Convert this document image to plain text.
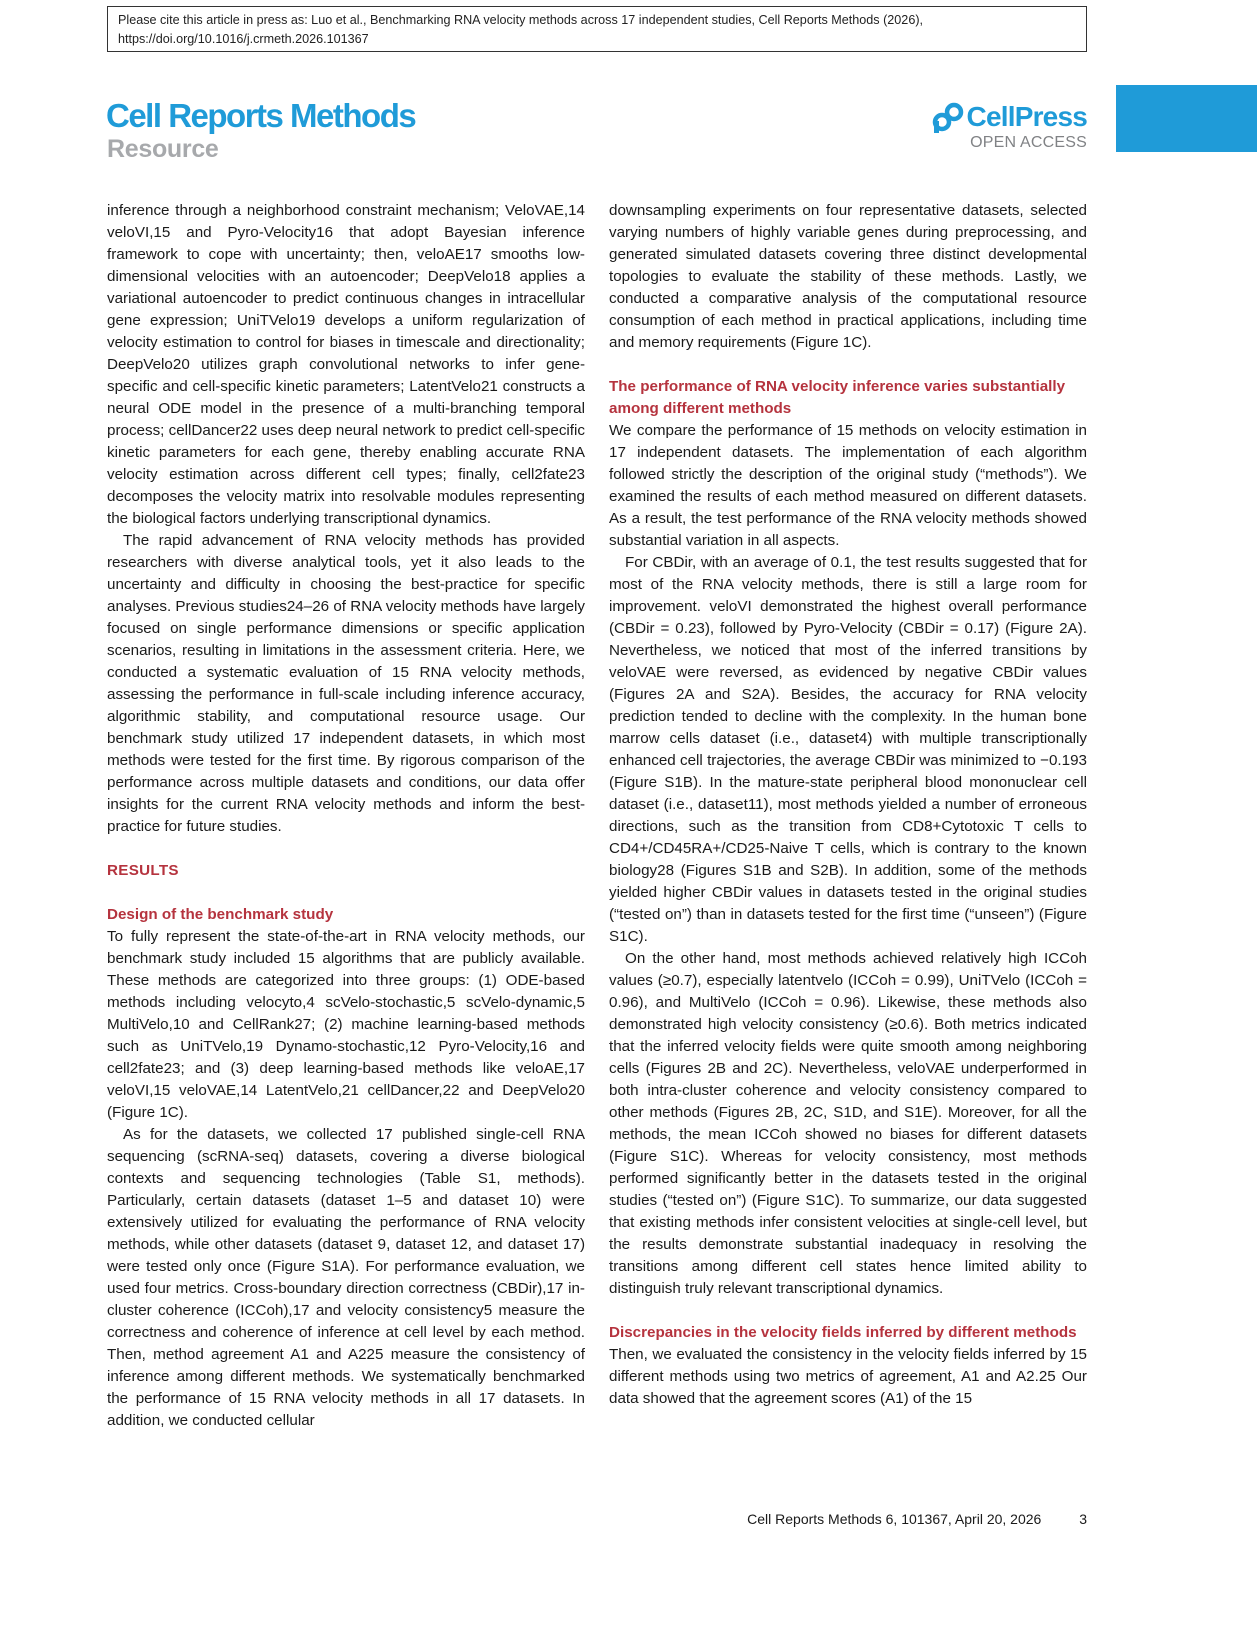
Please cite this article in press as: Luo et al., Benchmarking RNA velocity methods across 17 independent studies, Cell Reports Methods (2026), https://doi.org/10.1016/j.crmeth.2026.101367
Cell Reports Methods
Resource
CellPress
OPEN ACCESS

inference through a neighborhood constraint mechanism; VeloVAE,14 veloVI,15 and Pyro-Velocity16 that adopt Bayesian inference framework to cope with uncertainty; then, veloAE17 smooths low-dimensional velocities with an autoencoder; DeepVelo18 applies a variational autoencoder to predict continuous changes in intracellular gene expression; UniTVelo19 develops a uniform regularization of velocity estimation to control for biases in timescale and directionality; DeepVelo20 utilizes graph convolutional networks to infer gene-specific and cell-specific kinetic parameters; LatentVelo21 constructs a neural ODE model in the presence of a multi-branching temporal process; cellDancer22 uses deep neural network to predict cell-specific kinetic parameters for each gene, thereby enabling accurate RNA velocity estimation across different cell types; finally, cell2fate23 decomposes the velocity matrix into resolvable modules representing the biological factors underlying transcriptional dynamics.

The rapid advancement of RNA velocity methods has provided researchers with diverse analytical tools, yet it also leads to the uncertainty and difficulty in choosing the best-practice for specific analyses. Previous studies24–26 of RNA velocity methods have largely focused on single performance dimensions or specific application scenarios, resulting in limitations in the assessment criteria. Here, we conducted a systematic evaluation of 15 RNA velocity methods, assessing the performance in full-scale including inference accuracy, algorithmic stability, and computational resource usage. Our benchmark study utilized 17 independent datasets, in which most methods were tested for the first time. By rigorous comparison of the performance across multiple datasets and conditions, our data offer insights for the current RNA velocity methods and inform the best-practice for future studies.

RESULTS
Design of the benchmark study

To fully represent the state-of-the-art in RNA velocity methods, our benchmark study included 15 algorithms that are publicly available. These methods are categorized into three groups: (1) ODE-based methods including velocyto,4 scVelo-stochastic,5 scVelo-dynamic,5 MultiVelo,10 and CellRank27; (2) machine learning-based methods such as UniTVelo,19 Dynamo-stochastic,12 Pyro-Velocity,16 and cell2fate23; and (3) deep learning-based methods like veloAE,17 veloVI,15 veloVAE,14 LatentVelo,21 cellDancer,22 and DeepVelo20 (Figure 1C).

As for the datasets, we collected 17 published single-cell RNA sequencing (scRNA-seq) datasets, covering a diverse biological contexts and sequencing technologies (Table S1, methods). Particularly, certain datasets (dataset 1–5 and dataset 10) were extensively utilized for evaluating the performance of RNA velocity methods, while other datasets (dataset 9, dataset 12, and dataset 17) were tested only once (Figure S1A). For performance evaluation, we used four metrics. Cross-boundary direction correctness (CBDir),17 in-cluster coherence (ICCoh),17 and velocity consistency5 measure the correctness and coherence of inference at cell level by each method. Then, method agreement A1 and A225 measure the consistency of inference among different methods. We systematically benchmarked the performance of 15 RNA velocity methods in all 17 datasets. In addition, we conducted cellular

downsampling experiments on four representative datasets, selected varying numbers of highly variable genes during preprocessing, and generated simulated datasets covering three distinct developmental topologies to evaluate the stability of these methods. Lastly, we conducted a comparative analysis of the computational resource consumption of each method in practical applications, including time and memory requirements (Figure 1C).

The performance of RNA velocity inference varies substantially among different methods

We compare the performance of 15 methods on velocity estimation in 17 independent datasets. The implementation of each algorithm followed strictly the description of the original study (“methods”). We examined the results of each method measured on different datasets. As a result, the test performance of the RNA velocity methods showed substantial variation in all aspects.

For CBDir, with an average of 0.1, the test results suggested that for most of the RNA velocity methods, there is still a large room for improvement. veloVI demonstrated the highest overall performance (CBDir = 0.23), followed by Pyro-Velocity (CBDir = 0.17) (Figure 2A). Nevertheless, we noticed that most of the inferred transitions by veloVAE were reversed, as evidenced by negative CBDir values (Figures 2A and S2A). Besides, the accuracy for RNA velocity prediction tended to decline with the complexity. In the human bone marrow cells dataset (i.e., dataset4) with multiple transcriptionally enhanced cell trajectories, the average CBDir was minimized to −0.193 (Figure S1B). In the mature-state peripheral blood mononuclear cell dataset (i.e., dataset11), most methods yielded a number of erroneous directions, such as the transition from CD8+Cytotoxic T cells to CD4+/CD45RA+/CD25-Naive T cells, which is contrary to the known biology28 (Figures S1B and S2B). In addition, some of the methods yielded higher CBDir values in datasets tested in the original studies (“tested on”) than in datasets tested for the first time (“unseen”) (Figure S1C).

On the other hand, most methods achieved relatively high ICCoh values (≥0.7), especially latentvelo (ICCoh = 0.99), UniTVelo (ICCoh = 0.96), and MultiVelo (ICCoh = 0.96). Likewise, these methods also demonstrated high velocity consistency (≥0.6). Both metrics indicated that the inferred velocity fields were quite smooth among neighboring cells (Figures 2B and 2C). Nevertheless, veloVAE underperformed in both intra-cluster coherence and velocity consistency compared to other methods (Figures 2B, 2C, S1D, and S1E). Moreover, for all the methods, the mean ICCoh showed no biases for different datasets (Figure S1C). Whereas for velocity consistency, most methods performed significantly better in the datasets tested in the original studies (“tested on”) (Figure S1C). To summarize, our data suggested that existing methods infer consistent velocities at single-cell level, but the results demonstrate substantial inadequacy in resolving the transitions among different cell states hence limited ability to distinguish truly relevant transcriptional dynamics.

Discrepancies in the velocity fields inferred by different methods

Then, we evaluated the consistency in the velocity fields inferred by 15 different methods using two metrics of agreement, A1 and A2.25 Our data showed that the agreement scores (A1) of the 15

Cell Reports Methods 6, 101367, April 20, 2026	3
